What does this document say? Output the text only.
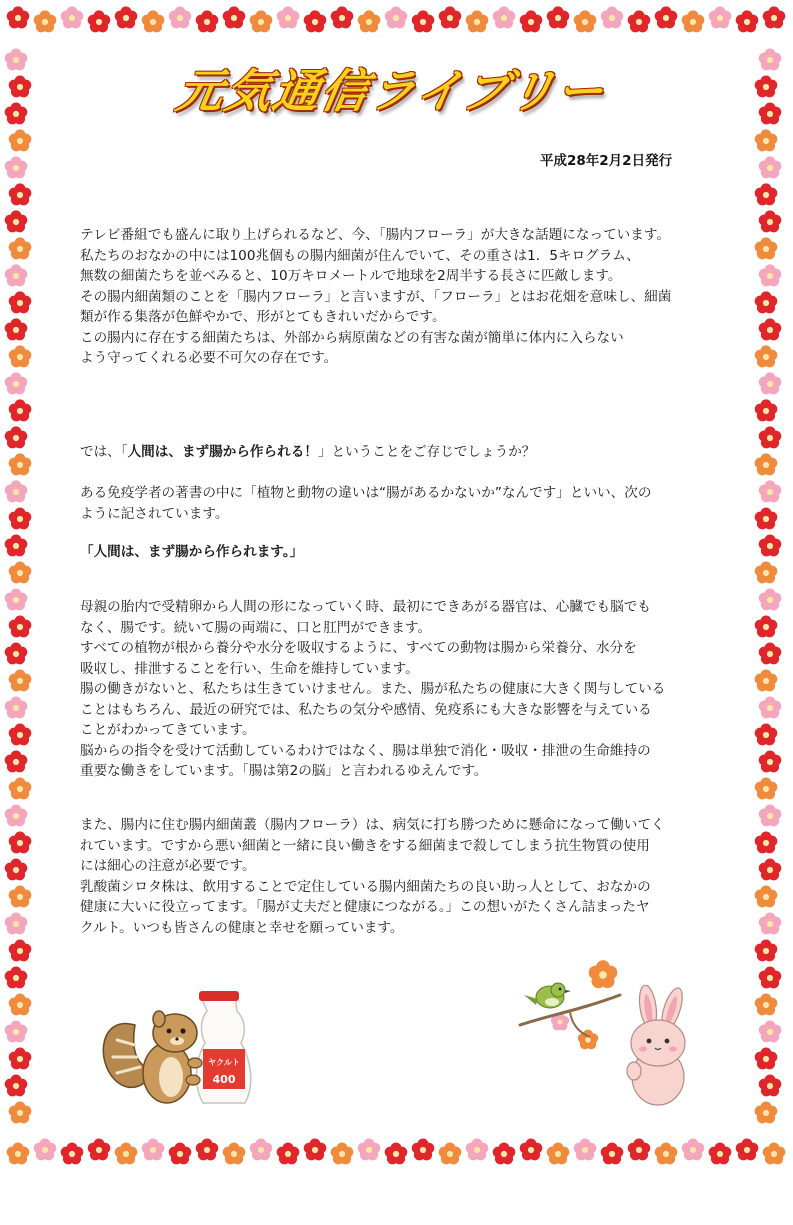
元気通信ライブリー
平成28年2月2日発行

テレビ番組でも盛んに取り上げられるなど、今、「腸内フローラ」が大きな話題になっています。

私たちのおなかの中には100兆個もの腸内細菌が住んでいて、その重さは1．5キログラム、

無数の細菌たちを並べみると、10万キロメートルで地球を2周半する長さに匹敵します。

その腸内細菌類のことを「腸内フローラ」と言いますが、「フローラ」とはお花畑を意味し、細菌

類が作る集落が色鮮やかで、形がとてもきれいだからです。

この腸内に存在する細菌たちは、外部から病原菌などの有害な菌が簡単に体内に入らない

よう守ってくれる必要不可欠の存在です。

では、「人間は、まず腸から作られる！」ということをご存じでしょうか？

ある免疫学者の著書の中に「植物と動物の違いは“腸があるかないか”なんです」といい、次の

ように記されています。

「人間は、まず腸から作られます。」

母親の胎内で受精卵から人間の形になっていく時、最初にできあがる器官は、心臓でも脳でも

なく、腸です。続いて腸の両端に、口と肛門ができます。

すべての植物が根から養分や水分を吸収するように、すべての動物は腸から栄養分、水分を

吸収し、排泄することを行い、生命を維持しています。

腸の働きがないと、私たちは生きていけません。また、腸が私たちの健康に大きく関与している

ことはもちろん、最近の研究では、私たちの気分や感情、免疫系にも大きな影響を与えている

ことがわかってきています。

脳からの指令を受けて活動しているわけではなく、腸は単独で消化・吸収・排泄の生命維持の

重要な働きをしています。「腸は第2の脳」と言われるゆえんです。

また、腸内に住む腸内細菌叢（腸内フローラ）は、病気に打ち勝つために懸命になって働いてく

れています。ですから悪い細菌と一緒に良い働きをする細菌まで殺してしまう抗生物質の使用

には細心の注意が必要です。

乳酸菌シロタ株は、飲用することで定住している腸内細菌たちの良い助っ人として、おなかの

健康に大いに役立ってます。「腸が丈夫だと健康につながる。」この想いがたくさん詰まったヤ

クルト。いつも皆さんの健康と幸せを願っています。

ヤクルト
400
